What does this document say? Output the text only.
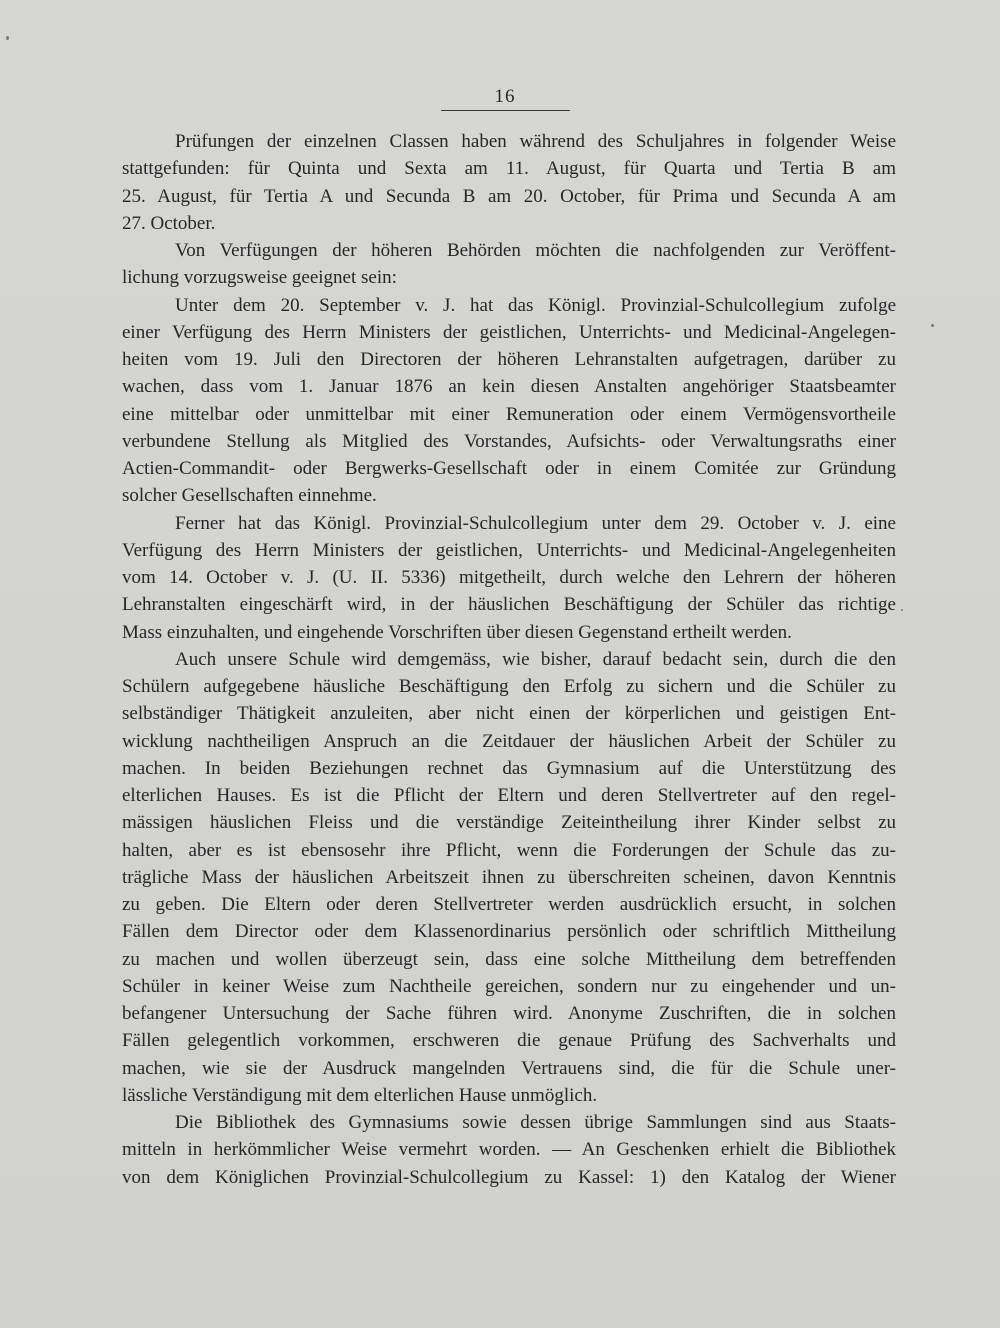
16

Prüfungen der einzelnen Classen haben während des Schuljahres in folgender Weise
stattgefunden: für Quinta und Sexta am 11. August, für Quarta und Tertia B am
25. August, für Tertia A und Secunda B am 20. October, für Prima und Secunda A am
27. October.

Von Verfügungen der höheren Behörden möchten die nachfolgenden zur Veröffent-
lichung vorzugsweise geeignet sein:

Unter dem 20. September v. J. hat das Königl. Provinzial-Schulcollegium zufolge
einer Verfügung des Herrn Ministers der geistlichen, Unterrichts- und Medicinal-Angelegen-
heiten vom 19. Juli den Directoren der höheren Lehranstalten aufgetragen, darüber zu
wachen, dass vom 1. Januar 1876 an kein diesen Anstalten angehöriger Staatsbeamter
eine mittelbar oder unmittelbar mit einer Remuneration oder einem Vermögensvortheile
verbundene Stellung als Mitglied des Vorstandes, Aufsichts- oder Verwaltungsraths einer
Actien-Commandit- oder Bergwerks-Gesellschaft oder in einem Comitée zur Gründung
solcher Gesellschaften einnehme.

Ferner hat das Königl. Provinzial-Schulcollegium unter dem 29. October v. J. eine
Verfügung des Herrn Ministers der geistlichen, Unterrichts- und Medicinal-Angelegenheiten
vom 14. October v. J. (U. II. 5336) mitgetheilt, durch welche den Lehrern der höheren
Lehranstalten eingeschärft wird, in der häuslichen Beschäftigung der Schüler das richtige
Mass einzuhalten, und eingehende Vorschriften über diesen Gegenstand ertheilt werden.

Auch unsere Schule wird demgemäss, wie bisher, darauf bedacht sein, durch die den
Schülern aufgegebene häusliche Beschäftigung den Erfolg zu sichern und die Schüler zu
selbständiger Thätigkeit anzuleiten, aber nicht einen der körperlichen und geistigen Ent-
wicklung nachtheiligen Anspruch an die Zeitdauer der häuslichen Arbeit der Schüler zu
machen. In beiden Beziehungen rechnet das Gymnasium auf die Unterstützung des
elterlichen Hauses. Es ist die Pflicht der Eltern und deren Stellvertreter auf den regel-
mässigen häuslichen Fleiss und die verständige Zeiteintheilung ihrer Kinder selbst zu
halten, aber es ist ebensosehr ihre Pflicht, wenn die Forderungen der Schule das zu-
trägliche Mass der häuslichen Arbeitszeit ihnen zu überschreiten scheinen, davon Kenntnis
zu geben. Die Eltern oder deren Stellvertreter werden ausdrücklich ersucht, in solchen
Fällen dem Director oder dem Klassenordinarius persönlich oder schriftlich Mittheilung
zu machen und wollen überzeugt sein, dass eine solche Mittheilung dem betreffenden
Schüler in keiner Weise zum Nachtheile gereichen, sondern nur zu eingehender und un-
befangener Untersuchung der Sache führen wird. Anonyme Zuschriften, die in solchen
Fällen gelegentlich vorkommen, erschweren die genaue Prüfung des Sachverhalts und
machen, wie sie der Ausdruck mangelnden Vertrauens sind, die für die Schule uner-
lässliche Verständigung mit dem elterlichen Hause unmöglich.

Die Bibliothek des Gymnasiums sowie dessen übrige Sammlungen sind aus Staats-
mitteln in herkömmlicher Weise vermehrt worden. — An Geschenken erhielt die Bibliothek
von dem Königlichen Provinzial-Schulcollegium zu Kassel: 1) den Katalog der Wiener
